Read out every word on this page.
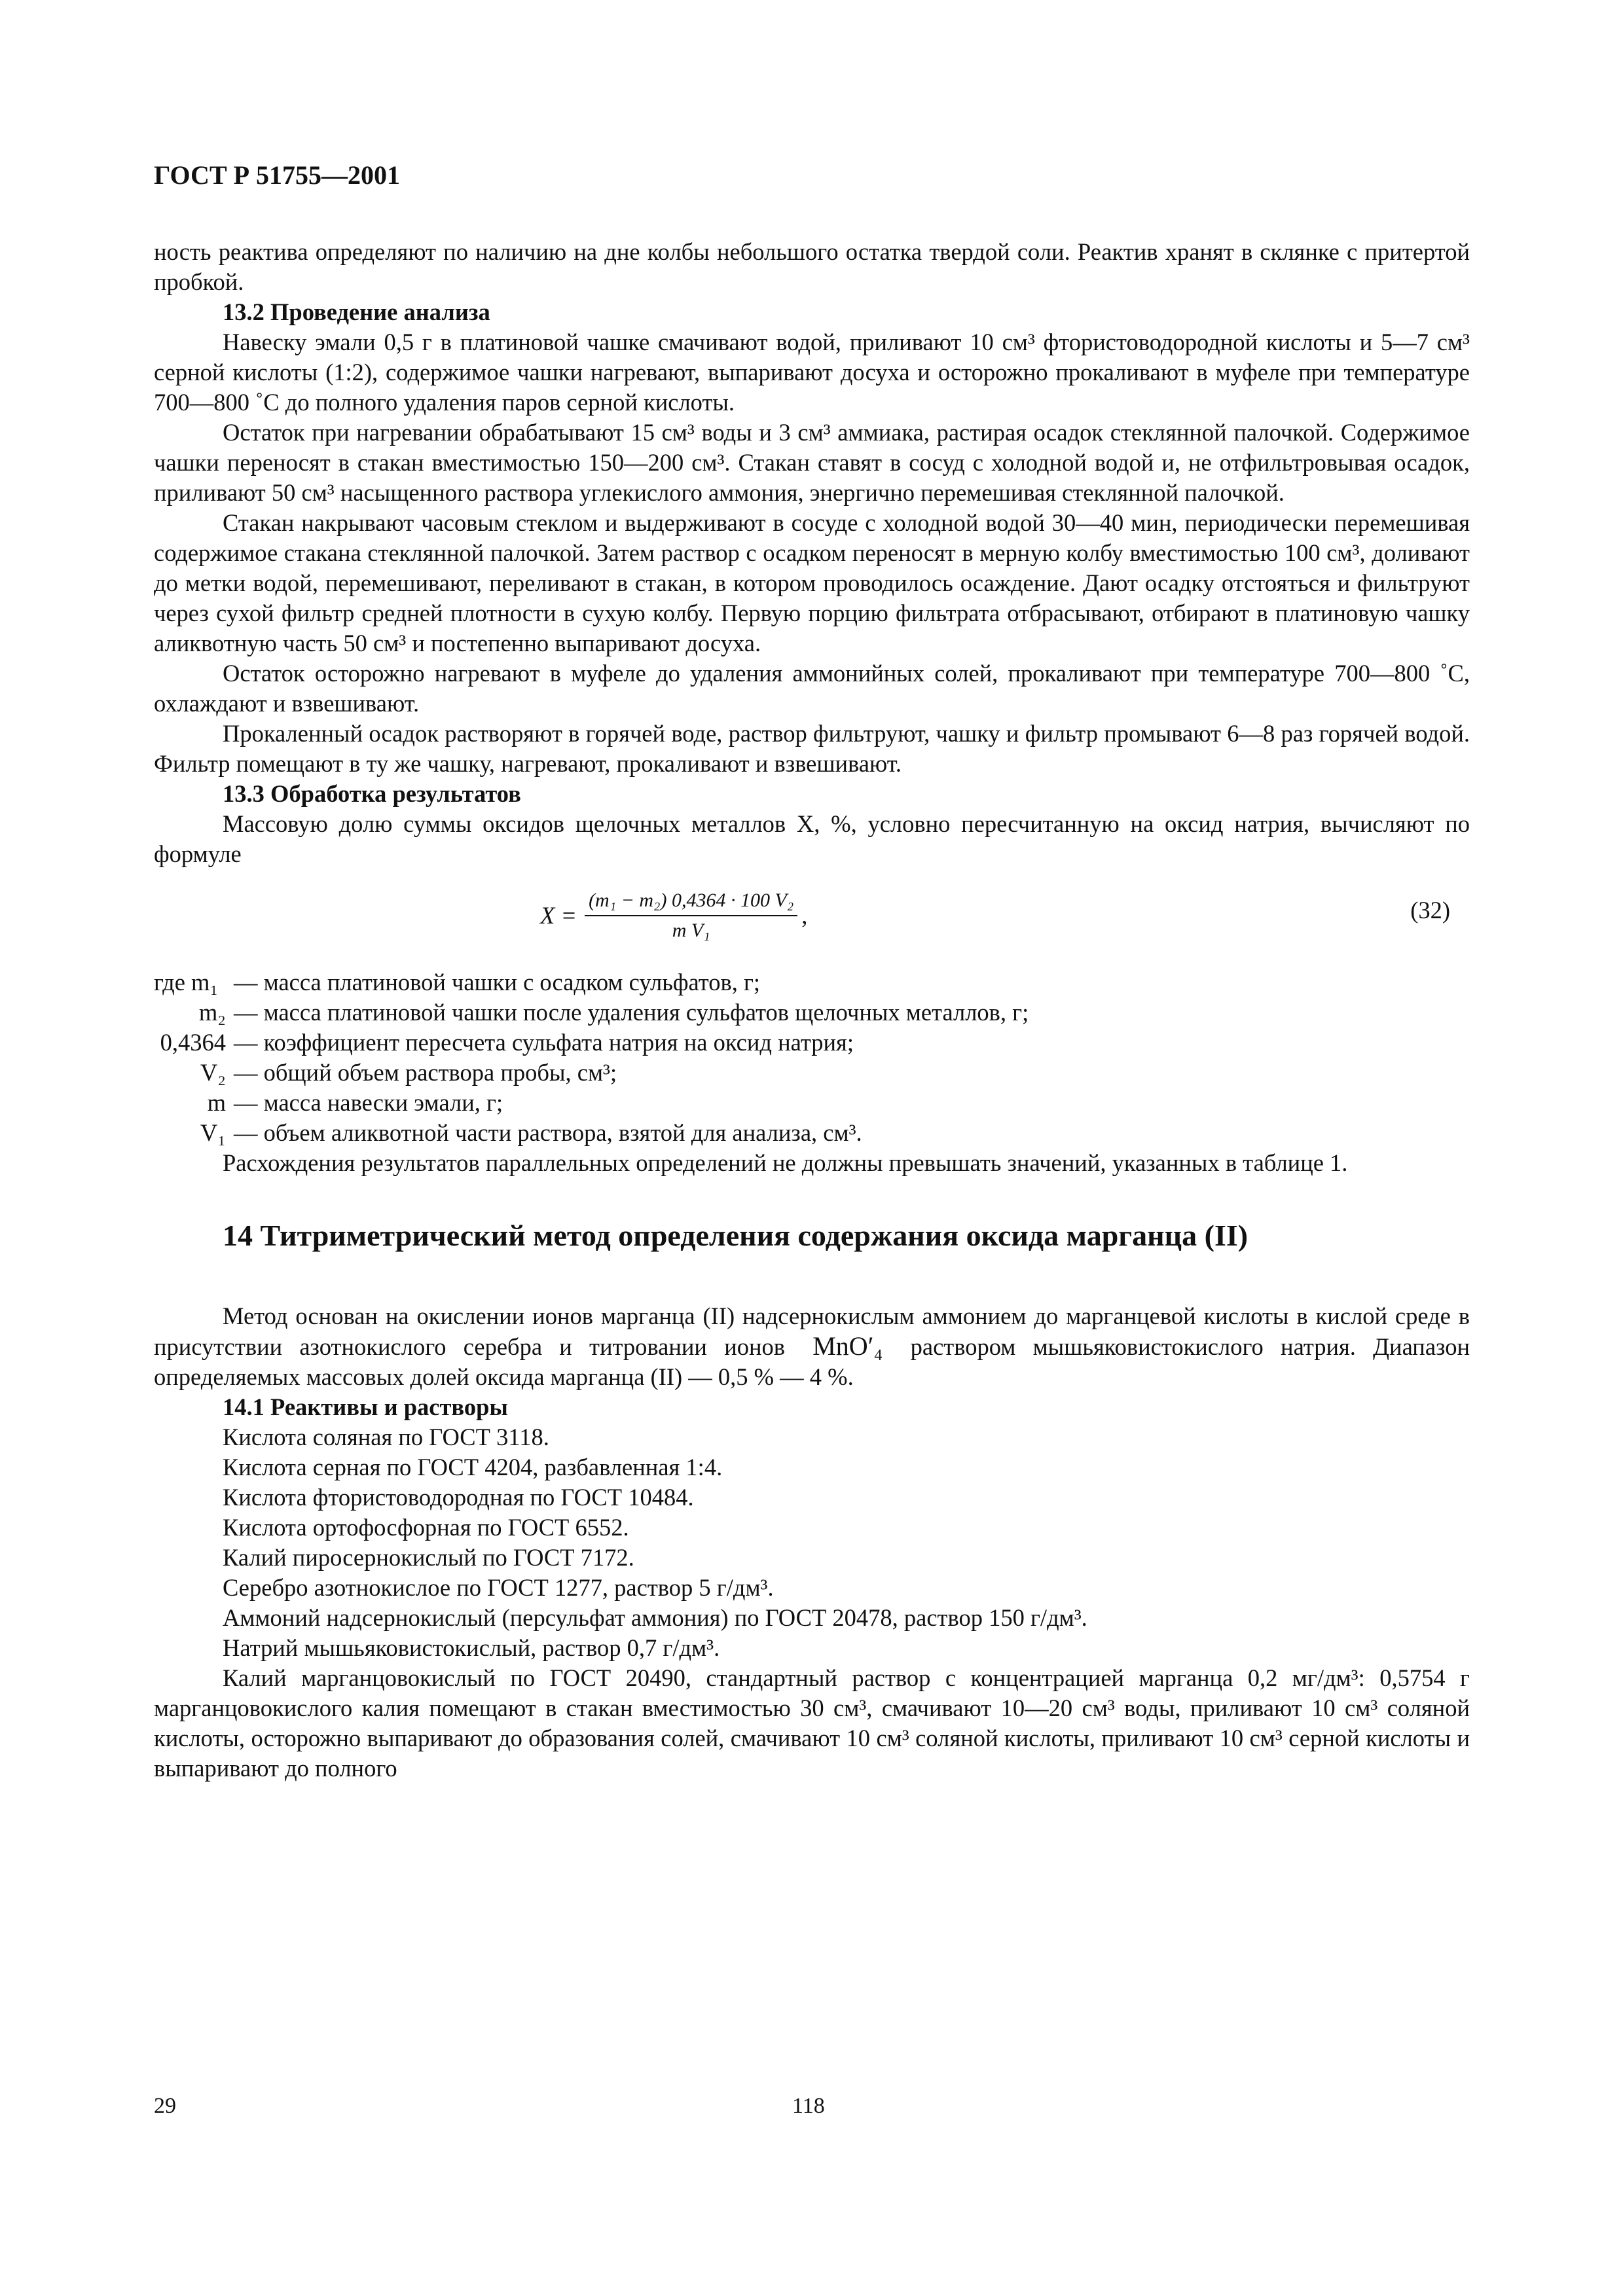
ГОСТ Р 51755—2001

ность реактива определяют по наличию на дне колбы небольшого остатка твердой соли. Реактив хранят в склянке с притертой пробкой.

13.2 Проведение анализа

Навеску эмали 0,5 г в платиновой чашке смачивают водой, приливают 10 см³ фтористоводородной кислоты и 5—7 см³ серной кислоты (1:2), содержимое чашки нагревают, выпаривают досуха и осторожно прокаливают в муфеле при температуре 700—800 ˚С до полного удаления паров серной кислоты.

Остаток при нагревании обрабатывают 15 см³ воды и 3 см³ аммиака, растирая осадок стеклянной палочкой. Содержимое чашки переносят в стакан вместимостью 150—200 см³. Стакан ставят в сосуд с холодной водой и, не отфильтровывая осадок, приливают 50 см³ насыщенного раствора углекислого аммония, энергично перемешивая стеклянной палочкой.

Стакан накрывают часовым стеклом и выдерживают в сосуде с холодной водой 30—40 мин, периодически перемешивая содержимое стакана стеклянной палочкой. Затем раствор с осадком переносят в мерную колбу вместимостью 100 см³, доливают до метки водой, перемешивают, переливают в стакан, в котором проводилось осаждение. Дают осадку отстояться и фильтруют через сухой фильтр средней плотности в сухую колбу. Первую порцию фильтрата отбрасывают, отбирают в платиновую чашку аликвотную часть 50 см³ и постепенно выпаривают досуха.

Остаток осторожно нагревают в муфеле до удаления аммонийных солей, прокаливают при температуре 700—800 ˚С, охлаждают и взвешивают.

Прокаленный осадок растворяют в горячей воде, раствор фильтруют, чашку и фильтр промывают 6—8 раз горячей водой. Фильтр помещают в ту же чашку, нагревают, прокаливают и взвешивают.

13.3 Обработка результатов

Массовую долю суммы оксидов щелочных металлов X, %, условно пересчитанную на оксид натрия, вычисляют по формуле

$X = \frac{\text{(m₁ − m₂) 0,4364 · 100 V₂}}{\text{m V₁}}$ ,	(32)
где m₁ — масса платиновой чашки с осадком сульфатов, г;
m₂ — масса платиновой чашки после удаления сульфатов щелочных металлов, г;
0,4364 — коэффициент пересчета сульфата натрия на оксид натрия;
V₂ — общий объем раствора пробы, см³;
m — масса навески эмали, г;
V₁ — объем аликвотной части раствора, взятой для анализа, см³.

Расхождения результатов параллельных определений не должны превышать значений, указанных в таблице 1.

14 Титриметрический метод определения содержания оксида марганца (II)

Метод основан на окислении ионов марганца (II) надсернокислым аммонием до марганцевой кислоты в кислой среде в присутствии азотнокислого серебра и титровании ионов MnO′₄ раствором мышьяковистокислого натрия. Диапазон определяемых массовых долей оксида марганца (II) — 0,5 % — 4 %.

14.1 Реактивы и растворы

Кислота соляная по ГОСТ 3118.

Кислота серная по ГОСТ 4204, разбавленная 1:4.

Кислота фтористоводородная по ГОСТ 10484.

Кислота ортофосфорная по ГОСТ 6552.

Калий пиросернокислый по ГОСТ 7172.

Серебро азотнокислое по ГОСТ 1277, раствор 5 г/дм³.

Аммоний надсернокислый (персульфат аммония) по ГОСТ 20478, раствор 150 г/дм³.

Натрий мышьяковистокислый, раствор 0,7 г/дм³.

Калий марганцовокислый по ГОСТ 20490, стандартный раствор с концентрацией марганца 0,2 мг/дм³: 0,5754 г марганцовокислого калия помещают в стакан вместимостью 30 см³, смачивают 10—20 см³ воды, приливают 10 см³ соляной кислоты, осторожно выпаривают до образования солей, смачивают 10 см³ соляной кислоты, приливают 10 см³ серной кислоты и выпаривают до полного

29	118
